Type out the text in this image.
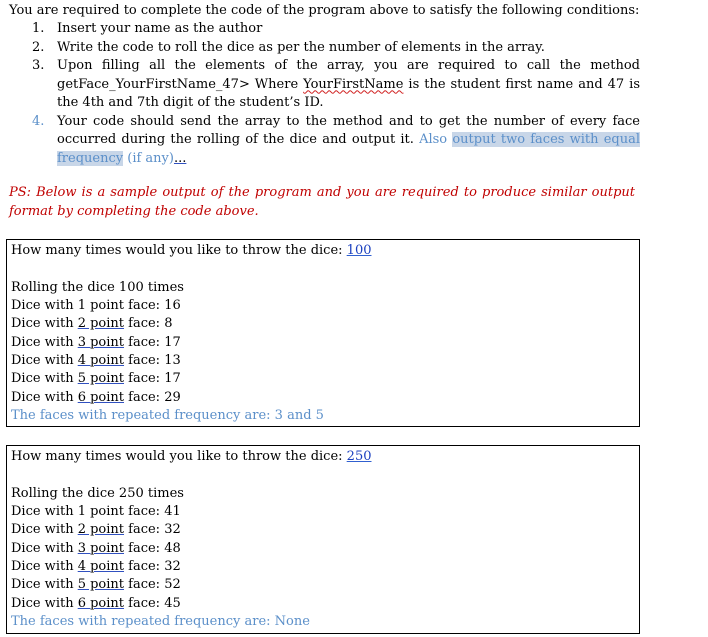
You are required to complete the code of the program above to satisfy the following conditions:
1. Insert your name as the author
2. Write the code to roll the dice as per the number of elements in the array.
3. Upon filling all the elements of the array, you are required to call the method getFace_YourFirstName_47> Where YourFirstName is the student first name and 47 is the 4th and 7th digit of the student’s ID.
4. Your code should send the array to the method and to get the number of every face occurred during the rolling of the dice and output it. Also output two faces with equal frequency (if any)...
PS: Below is a sample output of the program and you are required to produce similar output format by completing the code above.
How many times would you like to throw the dice: 100
Rolling the dice 100 times
Dice with 1 point face: 16
Dice with 2 point face: 8
Dice with 3 point face: 17
Dice with 4 point face: 13
Dice with 5 point face: 17
Dice with 6 point face: 29
The faces with repeated frequency are: 3 and 5
How many times would you like to throw the dice: 250
Rolling the dice 250 times
Dice with 1 point face: 41
Dice with 2 point face: 32
Dice with 3 point face: 48
Dice with 4 point face: 32
Dice with 5 point face: 52
Dice with 6 point face: 45
The faces with repeated frequency are: None
